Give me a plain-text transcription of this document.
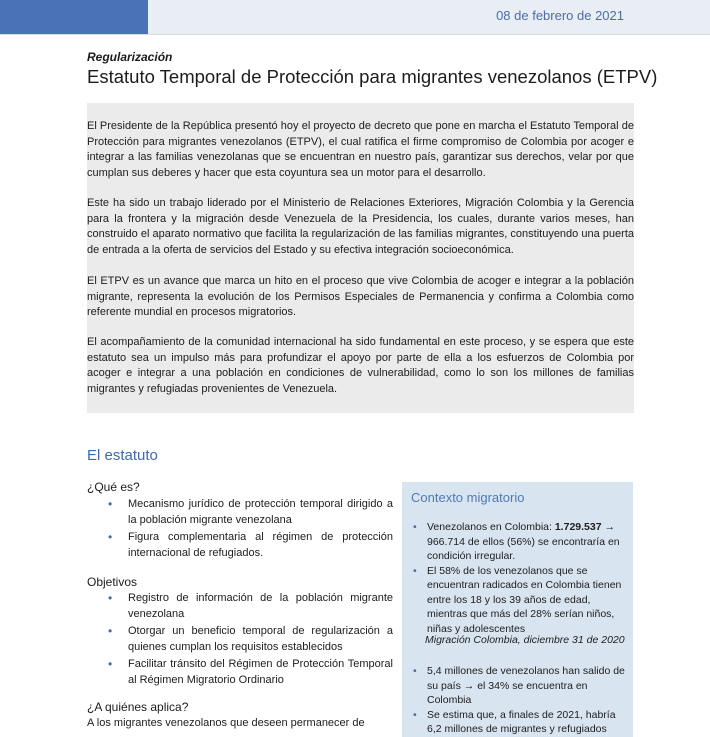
08 de febrero de 2021
Regularización
Estatuto Temporal de Protección para migrantes venezolanos (ETPV)
El Presidente de la República presentó hoy el proyecto de decreto que pone en marcha el Estatuto Temporal de Protección para migrantes venezolanos (ETPV), el cual ratifica el firme compromiso de Colombia por acoger e integrar a las familias venezolanas que se encuentran en nuestro país, garantizar sus derechos, velar por que cumplan sus deberes y hacer que esta coyuntura sea un motor para el desarrollo.
Este ha sido un trabajo liderado por el Ministerio de Relaciones Exteriores, Migración Colombia y la Gerencia para la frontera y la migración desde Venezuela de la Presidencia, los cuales, durante varios meses, han construido el aparato normativo que facilita la regularización de las familias migrantes, constituyendo una puerta de entrada a la oferta de servicios del Estado y su efectiva integración socioeconómica.
El ETPV es un avance que marca un hito en el proceso que vive Colombia de acoger e integrar a la población migrante, representa la evolución de los Permisos Especiales de Permanencia y confirma a Colombia como referente mundial en procesos migratorios.
El acompañamiento de la comunidad internacional ha sido fundamental en este proceso, y se espera que este estatuto sea un impulso más para profundizar el apoyo por parte de ella a los esfuerzos de Colombia por acoger e integrar a una población en condiciones de vulnerabilidad, como lo son los millones de familias migrantes y refugiadas provenientes de Venezuela.
El estatuto
¿Qué es?
• Mecanismo jurídico de protección temporal dirigido a la población migrante venezolana
• Figura complementaria al régimen de protección internacional de refugiados.
Objetivos
• Registro de información de la población migrante venezolana
• Otorgar un beneficio temporal de regularización a quienes cumplan los requisitos establecidos
• Facilitar tránsito del Régimen de Protección Temporal al Régimen Migratorio Ordinario
¿A quiénes aplica?
A los migrantes venezolanos que deseen permanecer de
Contexto migratorio
• Venezolanos en Colombia: 1.729.537 → 966.714 de ellos (56%) se encontraría en condición irregular.
• El 58% de los venezolanos que se encuentran radicados en Colombia tienen entre los 18 y los 39 años de edad, mientras que más del 28% serían niños, niñas y adolescentes
Migración Colombia, diciembre 31 de 2020
• 5,4 millones de venezolanos han salido de su país → el 34% se encuentra en Colombia
• Se estima que, a finales de 2021, habría 6,2 millones de migrantes y refugiados
